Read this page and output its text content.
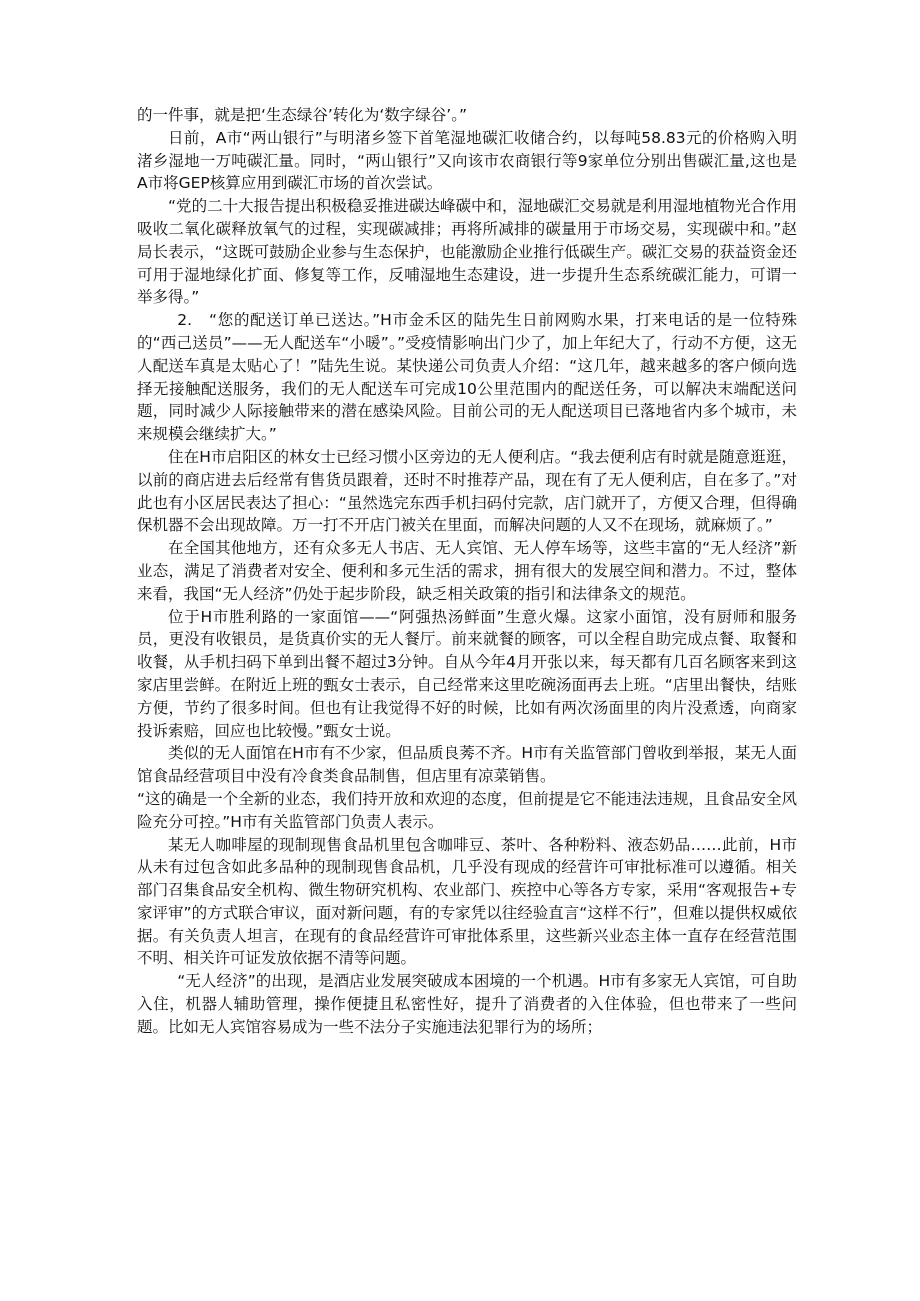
的一件事，就是把‘生态绿谷’转化为‘数字绿谷’。”

日前，A市“两山银行”与明渚乡签下首笔湿地碳汇收储合约，以每吨58.83元的价格购入明渚乡湿地一万吨碳汇量。同时，“两山银行”又向该市农商银行等9家单位分别出售碳汇量,这也是A市将GEP核算应用到碳汇市场的首次尝试。

“党的二十大报告提出积极稳妥推进碳达峰碳中和，湿地碳汇交易就是利用湿地植物光合作用吸收二氧化碳释放氧气的过程，实现碳减排；再将所减排的碳量用于市场交易，实现碳中和。”赵局长表示，“这既可鼓励企业参与生态保护，也能激励企业推行低碳生产。碳汇交易的获益资金还可用于湿地绿化扩面、修复等工作，反哺湿地生态建设，进一步提升生态系统碳汇能力，可谓一举多得。”

2.　“您的配送订单已送达。”H市金禾区的陆先生日前网购水果，打来电话的是一位特殊的“西己送员”——无人配送车“小暖”。”受疫情影响出门少了，加上年纪大了，行动不方便，这无人配送车真是太贴心了！”陆先生说。某快递公司负责人介绍：“这几年，越来越多的客户倾向选择无接触配送服务，我们的无人配送车可完成10公里范围内的配送任务，可以解决末端配送问题，同时减少人际接触带来的潜在感染风险。目前公司的无人配送项目已落地省内多个城市，未来规模会继续扩大。”

住在H市启阳区的林女士已经习惯小区旁边的无人便利店。“我去便利店有时就是随意逛逛，以前的商店进去后经常有售货员跟着，还时不时推荐产品，现在有了无人便利店，自在多了。”对此也有小区居民表达了担心：“虽然选完东西手机扫码付完款，店门就开了，方便又合理，但得确保机器不会出现故障。万一打不开店门被关在里面，而解决问题的人又不在现场，就麻烦了。”

在全国其他地方，还有众多无人书店、无人宾馆、无人停车场等，这些丰富的“无人经济”新业态，满足了消费者对安全、便利和多元生活的需求，拥有很大的发展空间和潜力。不过，整体来看，我国“无人经济”仍处于起步阶段，缺乏相关政策的指引和法律条文的规范。

位于H市胜利路的一家面馆——“阿强热汤鲜面”生意火爆。这家小面馆，没有厨师和服务员，更没有收银员，是货真价实的无人餐厅。前来就餐的顾客，可以全程自助完成点餐、取餐和收餐，从手机扫码下单到出餐不超过3分钟。自从今年4月开张以来，每天都有几百名顾客来到这家店里尝鲜。在附近上班的甄女士表示，自己经常来这里吃碗汤面再去上班。“店里出餐快，结账方便，节约了很多时间。但也有让我觉得不好的时候，比如有两次汤面里的肉片没煮透，向商家投诉索赔，回应也比较慢。”甄女士说。

类似的无人面馆在H市有不少家，但品质良莠不齐。H市有关监管部门曾收到举报，某无人面馆食品经营项目中没有冷食类食品制售，但店里有凉菜销售。

“这的确是一个全新的业态，我们持开放和欢迎的态度，但前提是它不能违法违规，且食品安全风险充分可控。”H市有关监管部门负责人表示。

某无人咖啡屋的现制现售食品机里包含咖啡豆、茶叶、各种粉料、液态奶品……此前，H市从未有过包含如此多品种的现制现售食品机，几乎没有现成的经营许可审批标准可以遵循。相关部门召集食品安全机构、微生物研究机构、农业部门、疾控中心等各方专家，采用“客观报告+专家评审”的方式联合审议，面对新问题，有的专家凭以往经验直言“这样不行”，但难以提供权威依据。有关负责人坦言，在现有的食品经营许可审批体系里，这些新兴业态主体一直存在经营范围不明、相关许可证发放依据不清等问题。

“无人经济”的出现，是酒店业发展突破成本困境的一个机遇。H市有多家无人宾馆，可自助入住，机器人辅助管理，操作便捷且私密性好，提升了消费者的入住体验，但也带来了一些问题。比如无人宾馆容易成为一些不法分子实施违法犯罪行为的场所；
